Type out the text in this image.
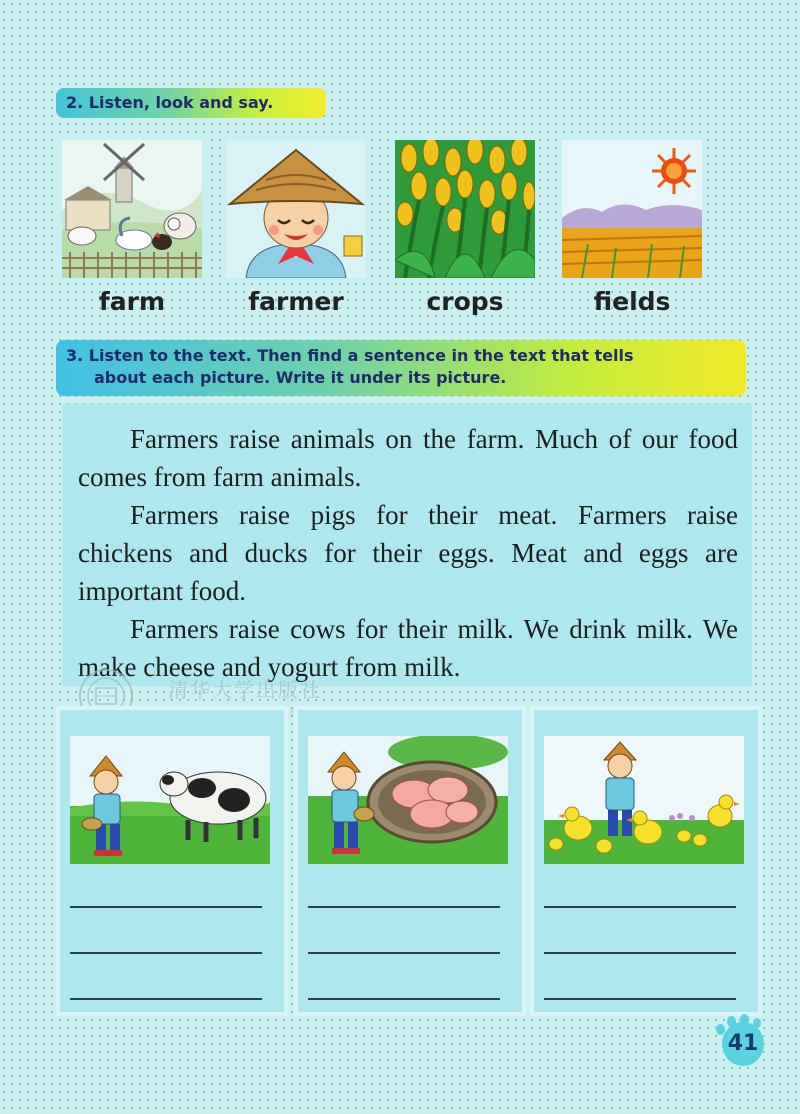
2. Listen, look and say.
farm	farmer	crops	fields
3. Listen to the text. Then find a sentence in the text that tells
about each picture. Write it under its picture.

Farmers raise animals on the farm. Much of our food comes from farm animals.

Farmers raise pigs for their meat. Farmers raise chickens and ducks for their eggs. Meat and eggs are important food.

Farmers raise cows for their milk. We drink milk. We make cheese and yogurt from milk.

清华大学出版社
41
